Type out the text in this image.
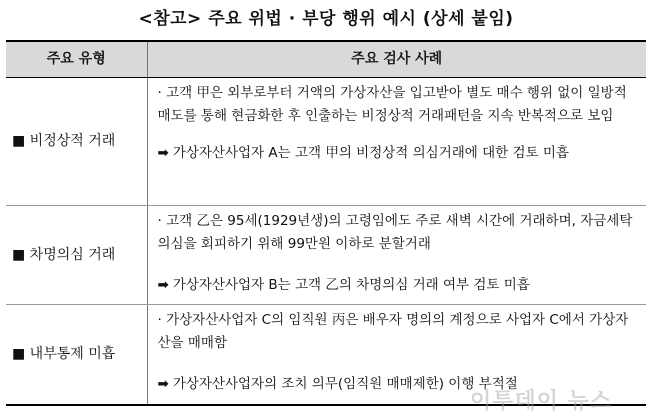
<참고> 주요 위법 · 부당 행위 예시 (상세 붙임)
주요 유형	주요 검사 사례
■ 비정상적 거래	· 고객 甲은 외부로부터 거액의 가상자산을 입고받아 별도 매수 행위 없이 일방적 매도를 통해 현금화한 후 인출하는 비정상적 거래패턴을 지속 반복적으로 보임

➡ 가상자산사업자 A는 고객 甲의 비정상적 의심거래에 대한 검토 미흡

■ 차명의심 거래	· 고객 乙은 95세(1929년생)의 고령임에도 주로 새벽 시간에 거래하며, 자금세탁 의심을 회피하기 위해 99만원 이하로 분할거래

➡ 가상자산사업자 B는 고객 乙의 차명의심 거래 여부 검토 미흡

■ 내부통제 미흡	· 가상자산사업자 C의 임직원 丙은 배우자 명의의 계정으로 사업자 C에서 가상자산을 매매함

➡ 가상자산사업자의 조치 의무(임직원 매매제한) 이행 부적절
이투데이 뉴스
